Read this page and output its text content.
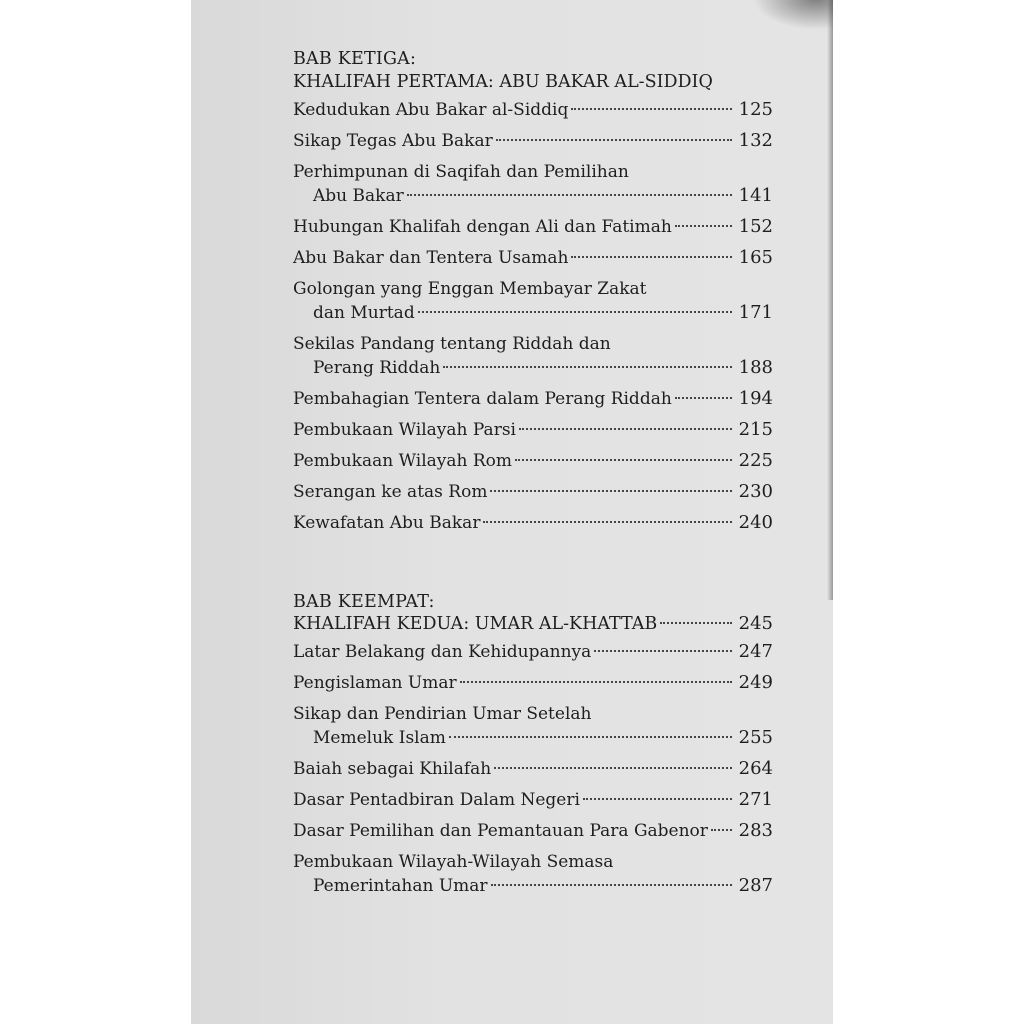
BAB KETIGA:

KHALIFAH PERTAMA: ABU BAKAR AL-SIDDIQ

Kedudukan Abu Bakar al-Siddiq	125
Sikap Tegas Abu Bakar	132
Perhimpunan di Saqifah dan Pemilihan
Abu Bakar	141
Hubungan Khalifah dengan Ali dan Fatimah	152
Abu Bakar dan Tentera Usamah	165
Golongan yang Enggan Membayar Zakat
dan Murtad	171
Sekilas Pandang tentang Riddah dan
Perang Riddah	188
Pembahagian Tentera dalam Perang Riddah	194
Pembukaan Wilayah Parsi	215
Pembukaan Wilayah Rom	225
Serangan ke atas Rom	230
Kewafatan Abu Bakar	240

BAB KEEMPAT:

KHALIFAH KEDUA: UMAR AL-KHATTAB	245
Latar Belakang dan Kehidupannya	247
Pengislaman Umar	249
Sikap dan Pendirian Umar Setelah
Memeluk Islam	255
Baiah sebagai Khilafah	264
Dasar Pentadbiran Dalam Negeri	271
Dasar Pemilihan dan Pemantauan Para Gabenor 283
Pembukaan Wilayah-Wilayah Semasa
Pemerintahan Umar	287
